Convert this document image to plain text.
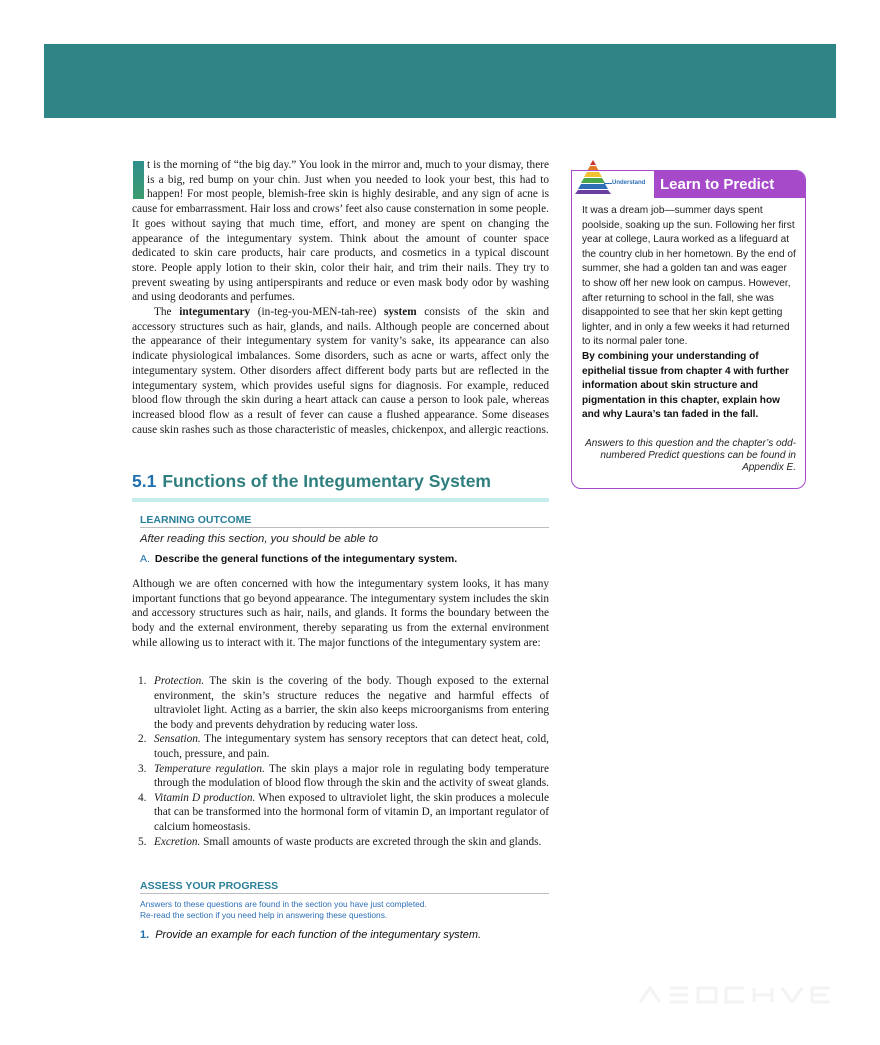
t is the morning of “the big day.” You look in the mirror and, much to your dismay, there is a big, red bump on your chin. Just when you needed to look your best, this had to happen! For most people, blemish-free skin is highly desirable, and any sign of acne is cause for embarrassment. Hair loss and crows’ feet also cause consternation in some people. It goes without saying that much time, effort, and money are spent on changing the appearance of the integumentary system. Think about the amount of counter space dedicated to skin care products, hair care products, and cosmetics in a typical discount store. People apply lotion to their skin, color their hair, and trim their nails. They try to prevent sweating by using antiperspirants and reduce or even mask body odor by washing and using deodorants and perfumes.

The integumentary (in-teg-you-MEN-tah-ree) system consists of the skin and accessory structures such as hair, glands, and nails. Although people are concerned about the appearance of their integumentary system for vanity’s sake, its appearance can also indicate physiological imbalances. Some disorders, such as acne or warts, affect only the integumentary system. Other disorders affect different body parts but are reflected in the integumentary system, which provides useful signs for diagnosis. For example, reduced blood flow through the skin during a heart attack can cause a person to look pale, whereas increased blood flow as a result of fever can cause a flushed appearance. Some diseases cause skin rashes such as those characteristic of measles, chickenpox, and allergic reactions.

5.1 Functions of the Integumentary System
LEARNING OUTCOME
After reading this section, you should be able to
A. Describe the general functions of the integumentary system.

Although we are often concerned with how the integumentary system looks, it has many important functions that go beyond appearance. The integumentary system includes the skin and accessory structures such as hair, nails, and glands. It forms the boundary between the body and the external environment, thereby separating us from the external environment while allowing us to interact with it. The major functions of the integumentary system are:

1. Protection. The skin is the covering of the body. Though exposed to the external environment, the skin’s structure reduces the negative and harmful effects of ultraviolet light. Acting as a barrier, the skin also keeps microorganisms from entering the body and prevents dehydration by reducing water loss.
2. Sensation. The integumentary system has sensory receptors that can detect heat, cold, touch, pressure, and pain.
3. Temperature regulation. The skin plays a major role in regulating body temperature through the modulation of blood flow through the skin and the activity of sweat glands.
4. Vitamin D production. When exposed to ultraviolet light, the skin produces a molecule that can be transformed into the hormonal form of vitamin D, an important regulator of calcium homeostasis.
5. Excretion. Small amounts of waste products are excreted through the skin and glands.
ASSESS YOUR PROGRESS
Answers to these questions are found in the section you have just completed.
Re-read the section if you need help in answering these questions.
1. Provide an example for each function of the integumentary system.
Understand Learn to Predict
It was a dream job—summer days spent poolside, soaking up the sun. Following her first year at college, Laura worked as a lifeguard at the country club in her hometown. By the end of summer, she had a golden tan and was eager to show off her new look on campus. However, after returning to school in the fall, she was disappointed to see that her skin kept getting lighter, and in only a few weeks it had returned to its normal paler tone.
By combining your understanding of epithelial tissue from chapter 4 with further information about skin structure and pigmentation in this chapter, explain how and why Laura’s tan faded in the fall.
Answers to this question and the chapter’s odd-numbered Predict questions can be found in Appendix E.
